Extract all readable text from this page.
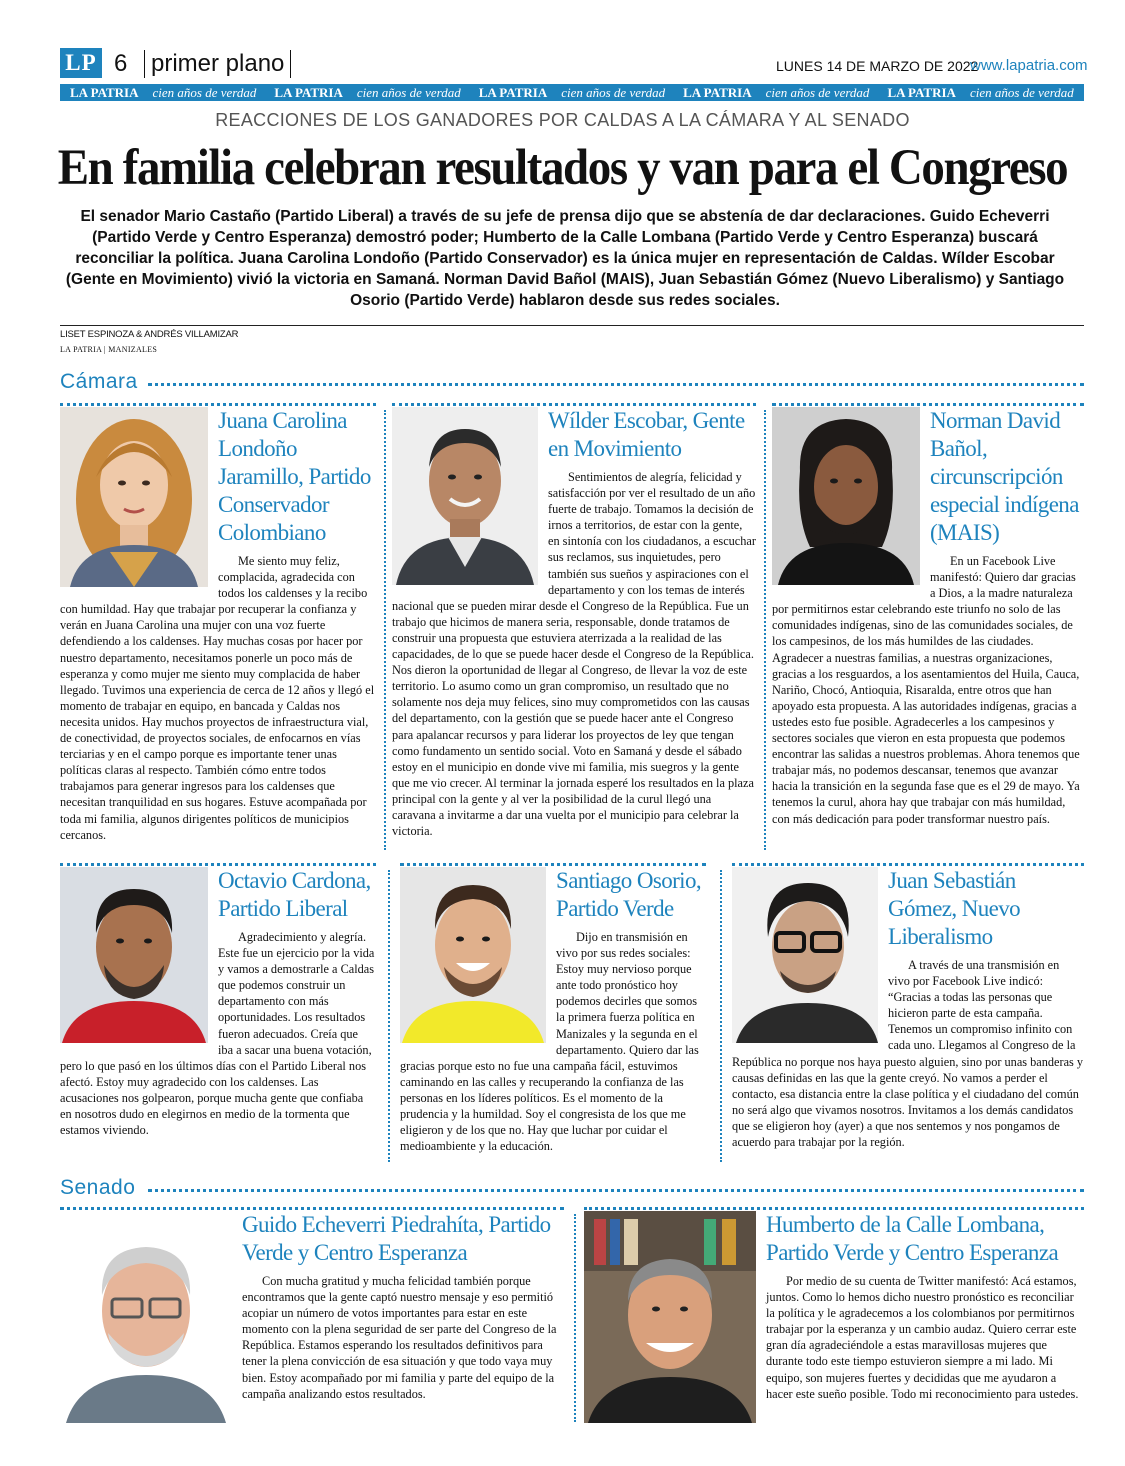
LP 6 primer plano	LUNES 14 DE MARZO DE 2022
www.lapatria.com
LA PATRIA cien años de verdad LA PATRIA cien años de verdad LA PATRIA cien años de verdad LA PATRIA cien años de verdad LA PATRIA cien años de verdad
REACCIONES DE LOS GANADORES POR CALDAS A LA CÁMARA Y AL SENADO
En familia celebran resultados y van para el Congreso
El senador Mario Castaño (Partido Liberal) a través de su jefe de prensa dijo que se abstenía de dar declaraciones. Guido Echeverri (Partido Verde y Centro Esperanza) demostró poder; Humberto de la Calle Lombana (Partido Verde y Centro Esperanza) buscará reconciliar la política. Juana Carolina Londoño (Partido Conservador) es la única mujer en representación de Caldas. Wílder Escobar (Gente en Movimiento) vivió la victoria en Samaná. Norman David Bañol (MAIS), Juan Sebastián Gómez (Nuevo Liberalismo) y Santiago Osorio (Partido Verde) hablaron desde sus redes sociales.
LISET ESPINOZA & ANDRÉS VILLAMIZAR
LA PATRIA | MANIZALES
Cámara
Juana Carolina Londoño Jaramillo, Partido Conservador Colombiano
Me siento muy feliz, complacida, agradecida con todos los caldenses y la recibo con humildad. Hay que trabajar por recuperar la confianza y verán en Juana Carolina una mujer con una voz fuerte defendiendo a los caldenses. Hay muchas cosas por hacer por nuestro departamento, necesitamos ponerle un poco más de esperanza y como mujer me siento muy complacida de haber llegado. Tuvimos una experiencia de cerca de 12 años y llegó el momento de trabajar en equipo, en bancada y Caldas nos necesita unidos. Hay muchos proyectos de infraestructura vial, de conectividad, de proyectos sociales, de enfocarnos en vías terciarias y en el campo porque es importante tener unas políticas claras al respecto. También cómo entre todos trabajamos para generar ingresos para los caldenses que necesitan tranquilidad en sus hogares. Estuve acompañada por toda mi familia, algunos dirigentes políticos de municipios cercanos.
Wílder Escobar, Gente en Movimiento
Sentimientos de alegría, felicidad y satisfacción por ver el resultado de un año fuerte de trabajo. Tomamos la decisión de irnos a territorios, de estar con la gente, en sintonía con los ciudadanos, a escuchar sus reclamos, sus inquietudes, pero también sus sueños y aspiraciones con el departamento y con los temas de interés nacional que se pueden mirar desde el Congreso de la República. Fue un trabajo que hicimos de manera seria, responsable, donde tratamos de construir una propuesta que estuviera aterrizada a la realidad de las capacidades, de lo que se puede hacer desde el Congreso de la República. Nos dieron la oportunidad de llegar al Congreso, de llevar la voz de este territorio. Lo asumo como un gran compromiso, un resultado que no solamente nos deja muy felices, sino muy comprometidos con las causas del departamento, con la gestión que se puede hacer ante el Congreso para apalancar recursos y para liderar los proyectos de ley que tengan como fundamento un sentido social. Voto en Samaná y desde el sábado estoy en el municipio en donde vive mi familia, mis suegros y la gente que me vio crecer. Al terminar la jornada esperé los resultados en la plaza principal con la gente y al ver la posibilidad de la curul llegó una caravana a invitarme a dar una vuelta por el municipio para celebrar la victoria.
Norman David Bañol, circunscripción especial indígena (MAIS)
En un Facebook Live manifestó: Quiero dar gracias a Dios, a la madre naturaleza por permitirnos estar celebrando este triunfo no solo de las comunidades indígenas, sino de las comunidades sociales, de los campesinos, de los más humildes de las ciudades. Agradecer a nuestras familias, a nuestras organizaciones, gracias a los resguardos, a los asentamientos del Huila, Cauca, Nariño, Chocó, Antioquia, Risaralda, entre otros que han apoyado esta propuesta. A las autoridades indígenas, gracias a ustedes esto fue posible. Agradecerles a los campesinos y sectores sociales que vieron en esta propuesta que podemos encontrar las salidas a nuestros problemas. Ahora tenemos que trabajar más, no podemos descansar, tenemos que avanzar hacia la transición en la segunda fase que es el 29 de mayo. Ya tenemos la curul, ahora hay que trabajar con más humildad, con más dedicación para poder transformar nuestro país.
Octavio Cardona, Partido Liberal
Agradecimiento y alegría. Este fue un ejercicio por la vida y vamos a demostrarle a Caldas que podemos construir un departamento con más oportunidades. Los resultados fueron adecuados. Creía que iba a sacar una buena votación, pero lo que pasó en los últimos días con el Partido Liberal nos afectó. Estoy muy agradecido con los caldenses. Las acusaciones nos golpearon, porque mucha gente que confiaba en nosotros dudo en elegirnos en medio de la tormenta que estamos viviendo.
Santiago Osorio, Partido Verde
Dijo en transmisión en vivo por sus redes sociales: Estoy muy nervioso porque ante todo pronóstico hoy podemos decirles que somos la primera fuerza política en Manizales y la segunda en el departamento. Quiero dar las gracias porque esto no fue una campaña fácil, estuvimos caminando en las calles y recuperando la confianza de las personas en los líderes políticos. Es el momento de la prudencia y la humildad. Soy el congresista de los que me eligieron y de los que no. Hay que luchar por cuidar el medioambiente y la educación.
Juan Sebastián Gómez, Nuevo Liberalismo
A través de una transmisión en vivo por Facebook Live indicó: “Gracias a todas las personas que hicieron parte de esta campaña. Tenemos un compromiso infinito con cada uno. Llegamos al Congreso de la República no porque nos haya puesto alguien, sino por unas banderas y causas definidas en las que la gente creyó. No vamos a perder el contacto, esa distancia entre la clase política y el ciudadano del común no será algo que vivamos nosotros. Invitamos a los demás candidatos que se eligieron hoy (ayer) a que nos sentemos y nos pongamos de acuerdo para trabajar por la región.
Senado
Guido Echeverri Piedrahíta, Partido Verde y Centro Esperanza
Con mucha gratitud y mucha felicidad también porque encontramos que la gente captó nuestro mensaje y eso permitió acopiar un número de votos importantes para estar en este momento con la plena seguridad de ser parte del Congreso de la República. Estamos esperando los resultados definitivos para tener la plena convicción de esa situación y que todo vaya muy bien. Estoy acompañado por mi familia y parte del equipo de la campaña analizando estos resultados.
Humberto de la Calle Lombana, Partido Verde y Centro Esperanza
Por medio de su cuenta de Twitter manifestó: Acá estamos, juntos. Como lo hemos dicho nuestro pronóstico es reconciliar la política y le agradecemos a los colombianos por permitirnos trabajar por la esperanza y un cambio audaz. Quiero cerrar este gran día agradeciéndole a estas maravillosas mujeres que durante todo este tiempo estuvieron siempre a mi lado. Mi equipo, son mujeres fuertes y decididas que me ayudaron a hacer este sueño posible. Todo mi reconocimiento para ustedes.
